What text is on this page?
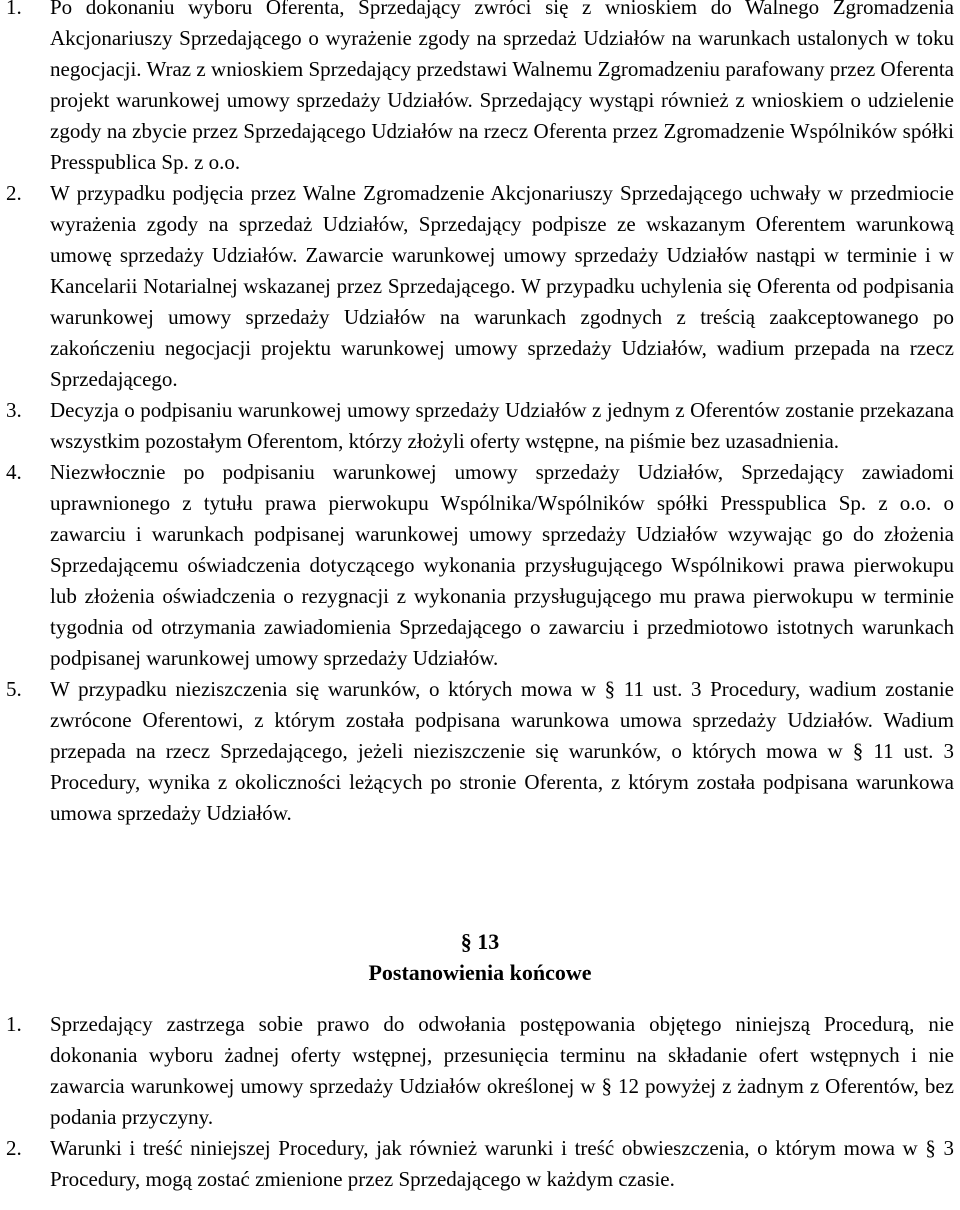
1. Po dokonaniu wyboru Oferenta, Sprzedający zwróci się z wnioskiem do Walnego Zgromadzenia Akcjonariuszy Sprzedającego o wyrażenie zgody na sprzedaż Udziałów na warunkach ustalonych w toku negocjacji. Wraz z wnioskiem Sprzedający przedstawi Walnemu Zgromadzeniu parafowany przez Oferenta projekt warunkowej umowy sprzedaży Udziałów. Sprzedający wystąpi również z wnioskiem o udzielenie zgody na zbycie przez Sprzedającego Udziałów na rzecz Oferenta przez Zgromadzenie Wspólników spółki Presspublica Sp. z o.o.
2. W przypadku podjęcia przez Walne Zgromadzenie Akcjonariuszy Sprzedającego uchwały w przedmiocie wyrażenia zgody na sprzedaż Udziałów, Sprzedający podpisze ze wskazanym Oferentem warunkową umowę sprzedaży Udziałów. Zawarcie warunkowej umowy sprzedaży Udziałów nastąpi w terminie i w Kancelarii Notarialnej wskazanej przez Sprzedającego. W przypadku uchylenia się Oferenta od podpisania warunkowej umowy sprzedaży Udziałów na warunkach zgodnych z treścią zaakceptowanego po zakończeniu negocjacji projektu warunkowej umowy sprzedaży Udziałów, wadium przepada na rzecz Sprzedającego.
3. Decyzja o podpisaniu warunkowej umowy sprzedaży Udziałów z jednym z Oferentów zostanie przekazana wszystkim pozostałym Oferentom, którzy złożyli oferty wstępne, na piśmie bez uzasadnienia.
4. Niezwłocznie po podpisaniu warunkowej umowy sprzedaży Udziałów, Sprzedający zawiadomi uprawnionego z tytułu prawa pierwokupu Wspólnika/Wspólników spółki Presspublica Sp. z o.o. o zawarciu i warunkach podpisanej warunkowej umowy sprzedaży Udziałów wzywając go do złożenia Sprzedającemu oświadczenia dotyczącego wykonania przysługującego Wspólnikowi prawa pierwokupu lub złożenia oświadczenia o rezygnacji z wykonania przysługującego mu prawa pierwokupu w terminie tygodnia od otrzymania zawiadomienia Sprzedającego o zawarciu i przedmiotowo istotnych warunkach podpisanej warunkowej umowy sprzedaży Udziałów.
5. W przypadku nieziszczenia się warunków, o których mowa w § 11 ust. 3 Procedury, wadium zostanie zwrócone Oferentowi, z którym została podpisana warunkowa umowa sprzedaży Udziałów. Wadium przepada na rzecz Sprzedającego, jeżeli nieziszczenie się warunków, o których mowa w § 11 ust. 3 Procedury, wynika z okoliczności leżących po stronie Oferenta, z którym została podpisana warunkowa umowa sprzedaży Udziałów.
§ 13
Postanowienia końcowe
1. Sprzedający zastrzega sobie prawo do odwołania postępowania objętego niniejszą Procedurą, nie dokonania wyboru żadnej oferty wstępnej, przesunięcia terminu na składanie ofert wstępnych i nie zawarcia warunkowej umowy sprzedaży Udziałów określonej w § 12 powyżej z żadnym z Oferentów, bez podania przyczyny.
2. Warunki i treść niniejszej Procedury, jak również warunki i treść obwieszczenia, o którym mowa w § 3 Procedury, mogą zostać zmienione przez Sprzedającego w każdym czasie.
